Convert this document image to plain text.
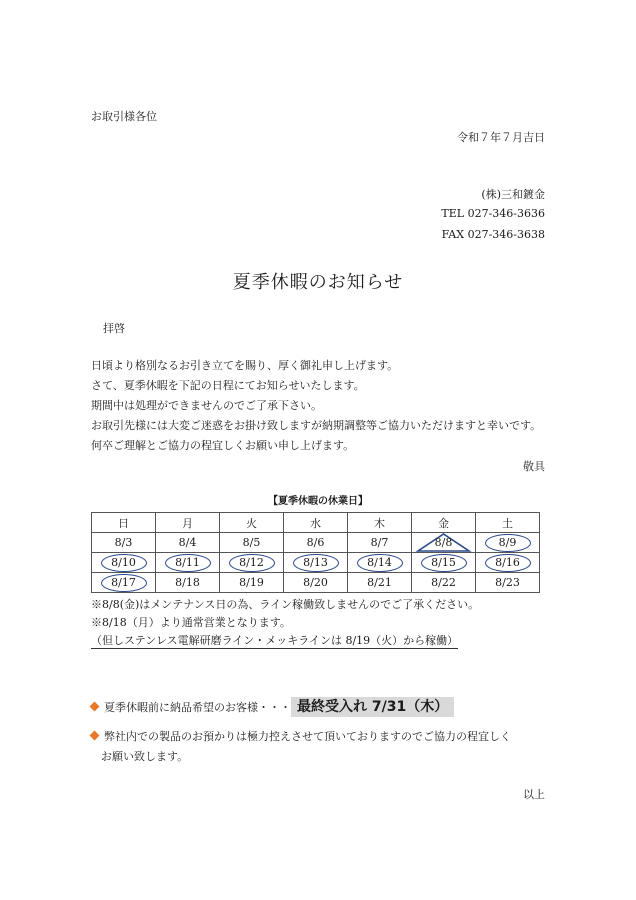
お取引様各位
令和７年７月吉日
(株)三和鍍金
TEL 027-346-3636
FAX 027-346-3638
夏季休暇のお知らせ
拝啓
日頃より格別なるお引き立てを賜り、厚く御礼申し上げます。
さて、夏季休暇を下記の日程にてお知らせいたします。
期間中は処理ができませんのでご了承下さい。
お取引先様には大変ご迷惑をお掛け致しますが納期調整等ご協力いただけますと幸いです。
何卒ご理解とご協力の程宜しくお願い申し上げます。
敬具
【夏季休暇の休業日】
日	月	火	水	木	金	土
8/3	8/4	8/5	8/6	8/7	8/8	8/9

8/10	8/11	8/12	8/13	8/14	8/15	8/16

8/17	8/18	8/19	8/20	8/21	8/22	8/23
※8/8(金)はメンテナンス日の為、ライン稼働致しませんのでご了承ください。
※8/18（月）より通常営業となります。
（但しステンレス電解研磨ライン・メッキラインは 8/19（火）から稼働）
夏季休暇前に納品希望のお客様・・・ 最終受入れ 7/31（木）
弊社内での製品のお預かりは極力控えさせて頂いておりますのでご協力の程宜しく
お願い致します。
以上
